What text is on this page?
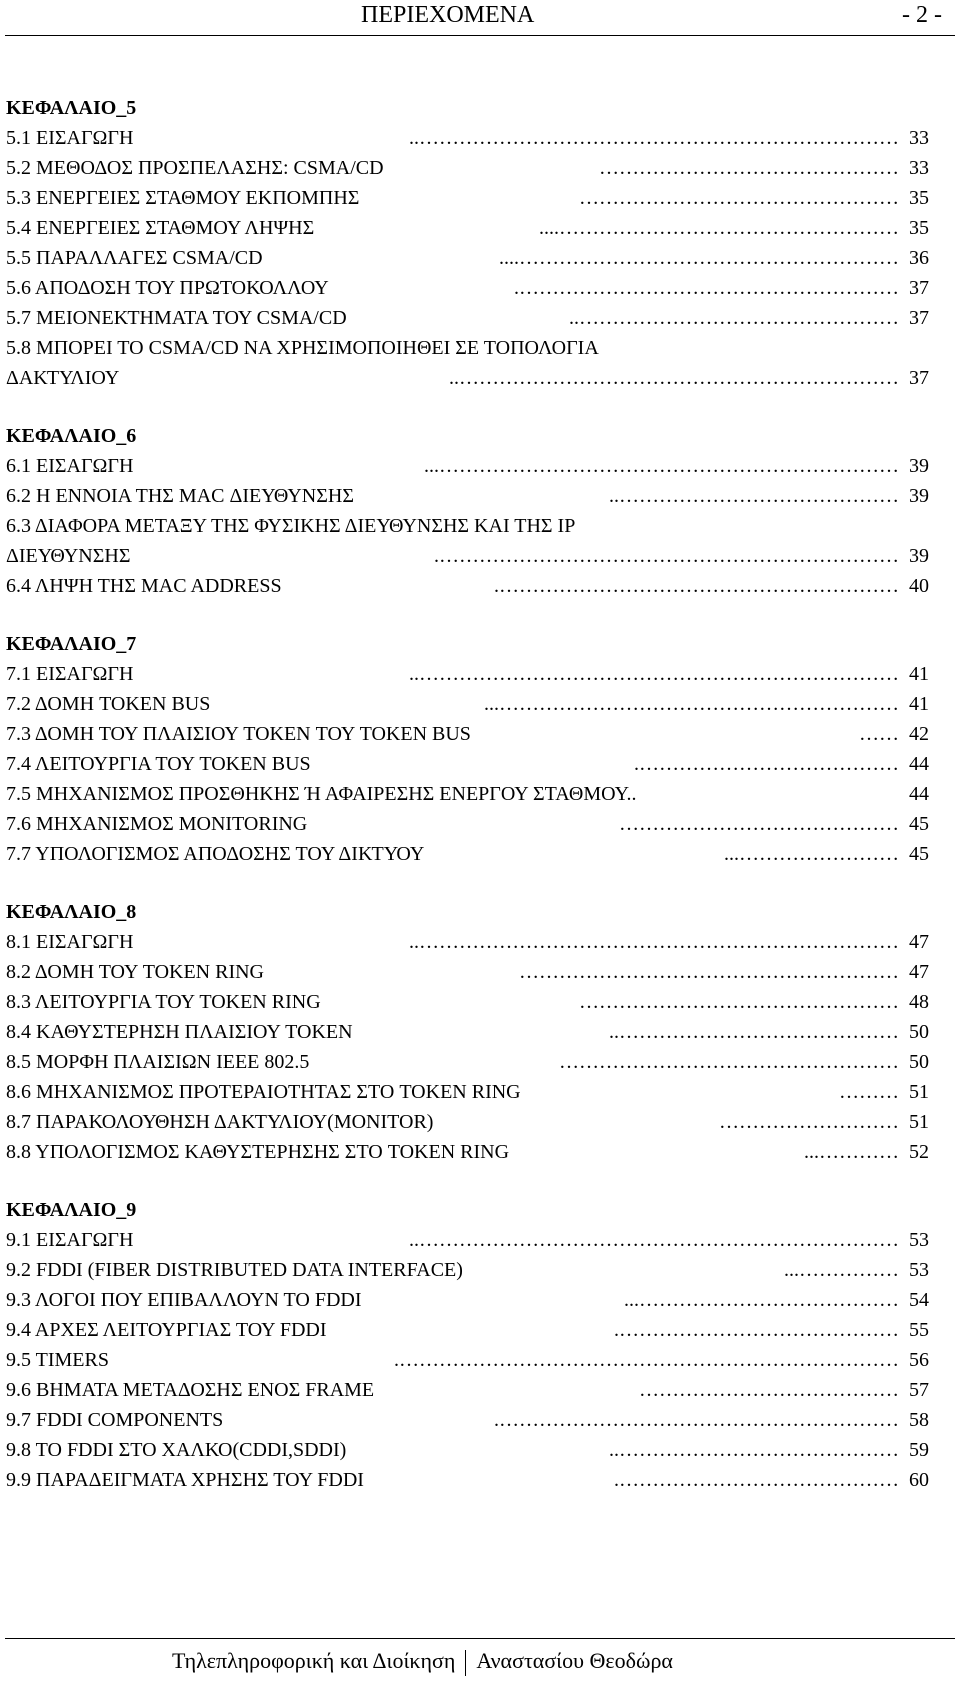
ΠΕΡΙΕΧΟΜΕΝΑ	- 2 -
ΚΕΦΑΛΑΙΟ_5
5.1 ΕΙΣΑΓΩΓΗ	……………………………………………………………….. 33
5.2 ΜΕΘΟΔΟΣ ΠΡΟΣΠΕΛΑΣΗΣ: CSMA/CD	……………………………………… 33
5.3 ΕΝΕΡΓΕΙΕΣ ΣΤΑΘΜΟΥ ΕΚΠΟΜΠΗΣ	………………………………………… 35
5.4 ΕΝΕΡΓΕΙΕΣ ΣΤΑΘΜΟΥ ΛΗΨΗΣ	…………………………………………….... 35
5.5 ΠΑΡΑΛΛΑΓΕΣ CSMA/CD	………………………………………………….... 36
5.6 ΑΠΟΔΟΣΗ ΤΟΥ ΠΡΩΤΟΚΟΛΛΟΥ	…………………………………………………. 37
5.7 ΜΕΙΟΝΕΚΤΗΜΑΤΑ ΤΟΥ CSMA/CD	………………………………………….. 37
5.8 ΜΠΟΡΕΙ ΤΟ CSMA/CD ΝΑ ΧΡΗΣΙΜΟΠΟΙΗΘΕΙ ΣΕ ΤΟΠΟΛΟΓΙΑ
ΔΑΚΤΥΛΙΟΥ	………………………………………………………….. 37
ΚΕΦΑΛΑΙΟ_6
6.1 ΕΙΣΑΓΩΓΗ	……………………………………………………………... 39
6.2 Η ΕΝΝΟΙΑ ΤΗΣ MAC ΔΙΕΥΘΥΝΣΗΣ	…………………………………….. 39
6.3 ΔΙΑΦΟΡΑ ΜΕΤΑΞΥ ΤΗΣ ΦΥΣΙΚΗΣ ΔΙΕΥΘΥΝΣΗΣ ΚΑΙ ΤΗΣ IP
ΔΙΕΥΘΥΝΣΗΣ	……………………………………………………………. 39
6.4 ΛΗΨΗ ΤΗΣ MAC ADDRESS	……………………………………………………. 40
ΚΕΦΑΛΑΙΟ_7
7.1 ΕΙΣΑΓΩΓΗ	……………………………………………………………….. 41
7.2 ΔΟΜΗ TOKEN BUS	……………………………………………………... 41
7.3 ΔΟΜΗ ΤΟΥ ΠΛΑΙΣΙΟΥ TOKEN ΤΟΥ TOKEN BUS	…… 42
7.4 ΛΕΙΤΟΥΡΓΙΑ ΤΟΥ TOKEN BUS	…………………………………. 44
7.5 ΜΗΧΑΝΙΣΜΟΣ ΠΡΟΣΘΗΚΗΣ Ή ΑΦΑΙΡΕΣΗΣ ΕΝΕΡΓΟΥ ΣΤΑΘΜΟΥ..	44
7.6 ΜΗΧΑΝΙΣΜΟΣ MONITORING	…………………………………… 45
7.7 ΥΠΟΛΟΓΙΣΜΟΣ ΑΠΟΔΟΣΗΣ ΤΟΥ ΔΙΚΤΥΟΥ	……………………... 45
ΚΕΦΑΛΑΙΟ_8
8.1 ΕΙΣΑΓΩΓΗ	……………………………………………………………….. 47
8.2 ΔΟΜΗ ΤΟΥ TOKEN RING	………………………………………………… 47
8.3 ΛΕΙΤΟΥΡΓΙΑ ΤΟΥ TOKEN RING	………………………………………… 48
8.4 ΚΑΘΥΣΤΕΡΗΣΗ ΠΛΑΙΣΙΟΥ TOKEN	…………………………………….. 50
8.5 ΜΟΡΦΗ ΠΛΑΙΣΙΩΝ IEEE 802.5	…………………………………………… 50
8.6 ΜΗΧΑΝΙΣΜΟΣ ΠΡΟΤΕΡΑΙΟΤΗΤΑΣ ΣΤΟ TOKEN RING	……… 51
8.7 ΠΑΡΑΚΟΛΟΥΘΗΣΗ ΔΑΚΤΥΛΙΟΥ(MONITOR)	……………………… 51
8.8 ΥΠΟΛΟΓΙΣΜΟΣ ΚΑΘΥΣΤΕΡΗΣΗΣ ΣΤΟ TOKEN RING	…………... 52
ΚΕΦΑΛΑΙΟ_9
9.1 ΕΙΣΑΓΩΓΗ	……………………………………………………………….. 53
9.2 FDDI (FIBER DISTRIBUTED DATA INTERFACE)	……………... 53
9.3 ΛΟΓΟΙ ΠΟΥ ΕΠΙΒΑΛΛΟΥΝ ΤΟ FDDI	…………………………………... 54
9.4 ΑΡΧΕΣ ΛΕΙΤΟΥΡΓΙΑΣ ΤΟΥ FDDI	……………………………………. 55
9.5 TIMERS	…………………………………………………………………. 56
9.6 ΒΗΜΑΤΑ ΜΕΤΑΔΟΣΗΣ ΕΝΟΣ FRAME	………………………………… 57
9.7 FDDI COMPONENTS	……………………………………………………. 58
9.8 ΤΟ FDDI ΣΤΟ ΧΑΛΚΟ(CDDI,SDDI)	…………………………………….. 59
9.9 ΠΑΡΑΔΕΙΓΜΑΤΑ ΧΡΗΣΗΣ ΤΟΥ FDDI	……………………………………. 60
Τηλεπληροφορική και Διοίκηση Αναστασίου Θεοδώρα
